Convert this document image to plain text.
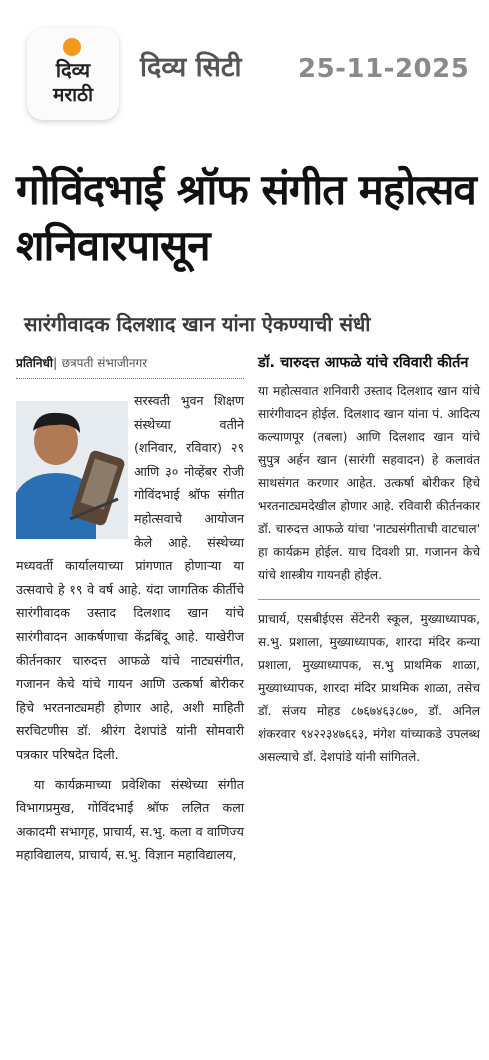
दिव्य
मराठी
दिव्य सिटी 25-11-2025
गोविंदभाई श्रॉफ संगीत महोत्सव शनिवारपासून
सारंगीवादक दिलशाद खान यांना ऐकण्याची संधी
प्रतिनिधी| छत्रपती संभाजीनगर
सरस्वती भुवन शिक्षण संस्थेच्या वतीने (शनिवार, रविवार) २९ आणि ३० नोव्हेंबर रोजी गोविंदभाई श्रॉफ संगीत महोत्सवाचे आयोजन केले आहे. संस्थेच्या मध्यवर्ती कार्यालयाच्या प्रांगणात होणाऱ्या या उत्सवाचे हे १९ वे वर्ष आहे. यंदा जागतिक कीर्तीचे सारंगीवादक उस्ताद दिलशाद खान यांचे सारंगीवादन आकर्षणाचा केंद्रबिंदू आहे. याखेरीज कीर्तनकार चारुदत्त आफळे यांचे नाट्यसंगीत, गजानन केचे यांचे गायन आणि उत्कर्षा बोरीकर हिचे भरतनाट्यमही होणार आहे, अशी माहिती सरचिटणीस डॉ. श्रीरंग देशपांडे यांनी सोमवारी पत्रकार परिषदेत दिली.
या कार्यक्रमाच्या प्रवेशिका संस्थेच्या संगीत विभागप्रमुख, गोविंदभाई श्रॉफ ललित कला अकादमी सभागृह, प्राचार्य, स.भु. कला व वाणिज्य महाविद्यालय, प्राचार्य, स.भु. विज्ञान महाविद्यालय,
डॉ. चारुदत्त आफळे यांचे रविवारी कीर्तन
या महोत्सवात शनिवारी उस्ताद दिलशाद खान यांचे सारंगीवादन होईल. दिलशाद खान यांना पं. आदित्य कल्याणपूर (तबला) आणि दिलशाद खान यांचे सुपुत्र अर्हन खान (सारंगी सहवादन) हे कलावंत साथसंगत करणार आहेत. उत्कर्षा बोरीकर हिचे भरतनाट्यमदेखील होणार आहे. रविवारी कीर्तनकार डॉ. चारुदत्त आफळे यांचा 'नाट्यसंगीताची वाटचाल' हा कार्यक्रम होईल. याच दिवशी प्रा. गजानन केचे यांचे शास्त्रीय गायनही होईल.
प्राचार्य, एसबीईएस सेंटेनरी स्कूल, मुख्याध्यापक, स.भु. प्रशाला, मुख्याध्यापक, शारदा मंदिर कन्या प्रशाला, मुख्याध्यापक, स.भु प्राथमिक शाळा, मुख्याध्यापक, शारदा मंदिर प्राथमिक शाळा, तसेच डॉ. संजय मोहड ८७६७४६३८७०, डॉ. अनिल शंकरवार ९४२२३४७६६३, मंगेश यांच्याकडे उपलब्ध असल्याचे डॉ. देशपांडे यांनी सांगितले.
